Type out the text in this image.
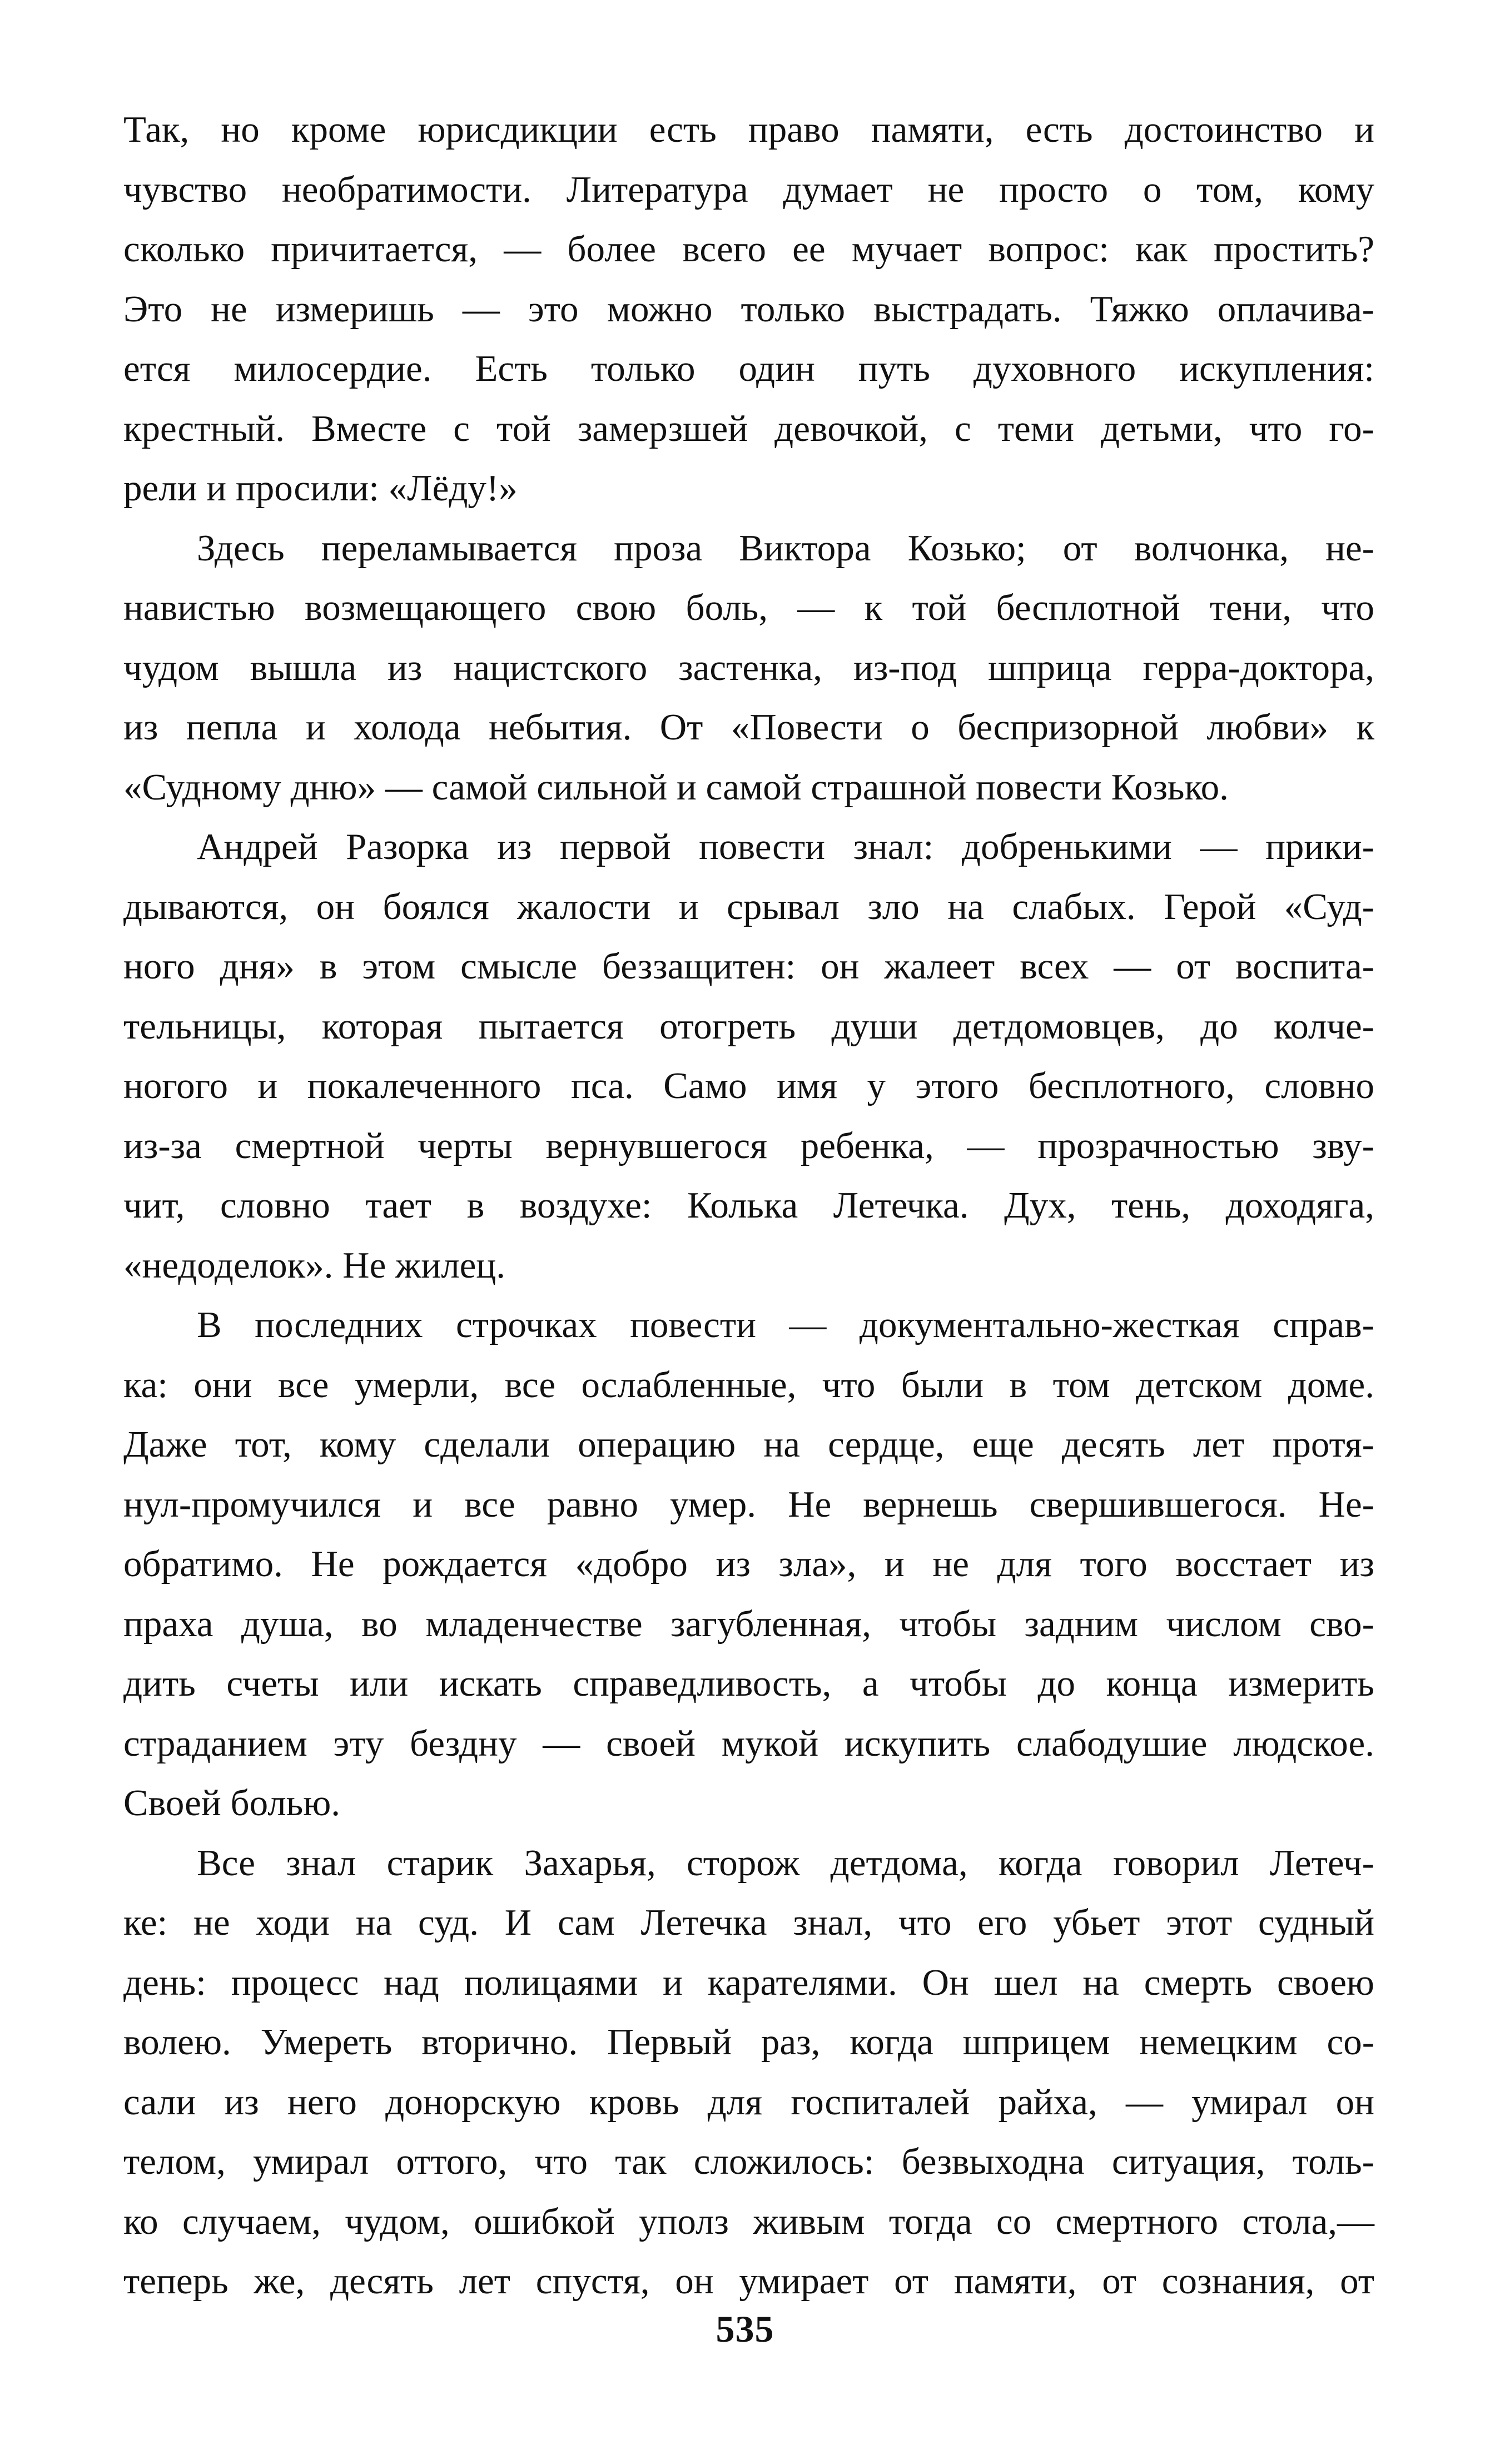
Так, но кроме юрисдикции есть право памяти, есть достоинство и
чувство необратимости. Литература думает не просто о том, кому
сколько причитается, — более всего ее мучает вопрос: как простить?
Это не измеришь — это можно только выстрадать. Тяжко оплачива-
ется милосердие. Есть только один путь духовного искупления:
крестный. Вместе с той замерзшей девочкой, с теми детьми, что го-
рели и просили: «Лёду!»
Здесь переламывается проза Виктора Козько; от волчонка, не-
навистью возмещающего свою боль, — к той бесплотной тени, что
чудом вышла из нацистского застенка, из-под шприца герра-доктора,
из пепла и холода небытия. От «Повести о беспризорной любви» к
«Судному дню» — самой сильной и самой страшной повести Козько.
Андрей Разорка из первой повести знал: добренькими — прики-
дываются, он боялся жалости и срывал зло на слабых. Герой «Суд-
ного дня» в этом смысле беззащитен: он жалеет всех — от воспита-
тельницы, которая пытается отогреть души детдомовцев, до колче-
ногого и покалеченного пса. Само имя у этого бесплотного, словно
из-за смертной черты вернувшегося ребенка, — прозрачностью зву-
чит, словно тает в воздухе: Колька Летечка. Дух, тень, доходяга,
«недоделок». Не жилец.
В последних строчках повести — документально-жесткая справ-
ка: они все умерли, все ослабленные, что были в том детском доме.
Даже тот, кому сделали операцию на сердце, еще десять лет протя-
нул-промучился и все равно умер. Не вернешь свершившегося. Не-
обратимо. Не рождается «добро из зла», и не для того восстает из
праха душа, во младенчестве загубленная, чтобы задним числом сво-
дить счеты или искать справедливость, а чтобы до конца измерить
страданием эту бездну — своей мукой искупить слабодушие людское.
Своей болью.
Все знал старик Захарья, сторож детдома, когда говорил Летеч-
ке: не ходи на суд. И сам Летечка знал, что его убьет этот судный
день: процесс над полицаями и карателями. Он шел на смерть своею
волею. Умереть вторично. Первый раз, когда шприцем немецким со-
сали из него донорскую кровь для госпиталей райха, — умирал он
телом, умирал оттого, что так сложилось: безвыходна ситуация, толь-
ко случаем, чудом, ошибкой уполз живым тогда со смертного стола,—
теперь же, десять лет спустя, он умирает от памяти, от сознания, от
535
